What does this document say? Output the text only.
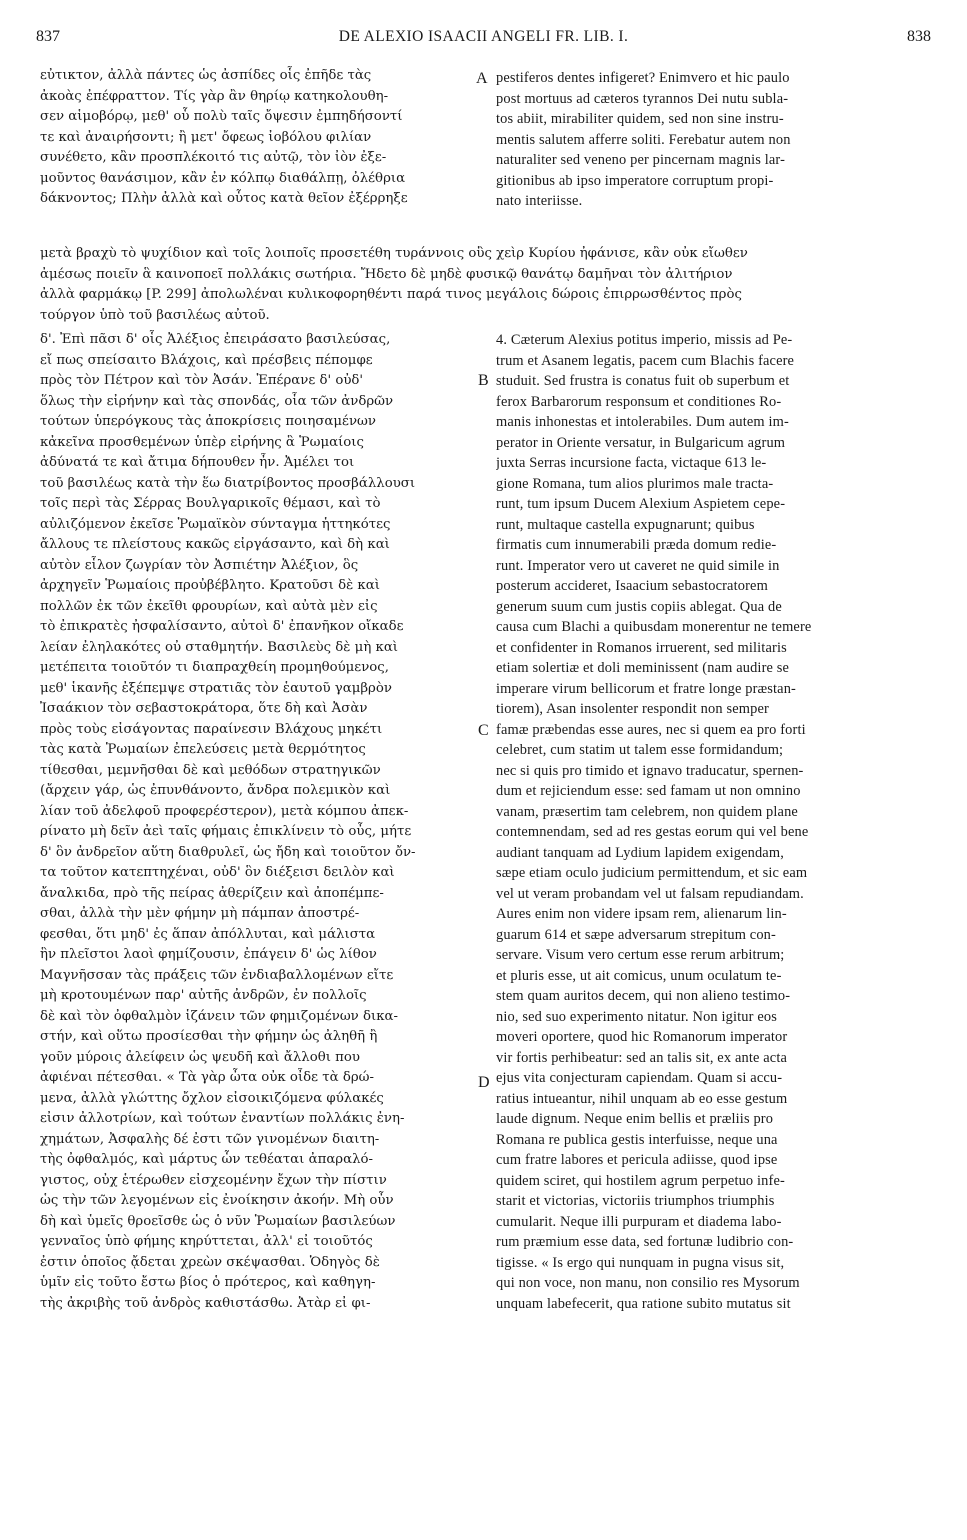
837	DE ALEXIO ISAACII ANGELI FR. LIB. I.	838
A
B
C
D
εὐτικτον, ἀλλὰ πάντες ὡς ἀσπίδες οἷς ἐπῆδε τὰς
ἀκοὰς ἐπέφραττον. Τίς γὰρ ἂν θηρίῳ κατηκολουθη-
σεν αἱμοβόρῳ, μεθ' οὗ πολὺ ταῖς ὄψεσιν ἐμπηδήσοντί
τε καὶ ἀναιρήσοντι; ἢ μετ' ὄφεως ἰοβόλου φιλίαν
συνέθετο, κἂν προσπλέκοιτό τις αὐτῷ, τὸν ἰὸν ἐξε-
μοῦντος θανάσιμον, κἂν ἐν κόλπῳ διαθάλπῃ, ὀλέθρια
δάκνοντος; Πλὴν ἀλλὰ καὶ οὗτος κατὰ θεῖον ἐξέρρηξε
pestiferos dentes infigeret? Enimvero et hic paulo
post mortuus ad cæteros tyrannos Dei nutu subla-
tos abiit, mirabiliter quidem, sed non sine instru-
mentis salutem afferre soliti. Ferebatur autem non
naturaliter sed veneno per pincernam magnis lar-
gitionibus ab ipso imperatore corruptum propi-
nato interiisse.
μετὰ βραχὺ τὸ ψυχίδιον καὶ τοῖς λοιποῖς προσετέθη τυράννοις οὓς χεὶρ Κυρίου ἠφάνισε, κἂν οὐκ εἴωθεν
ἀμέσως ποιεῖν ἃ καινοποεῖ πολλάκις σωτήρια. Ἤδετο δὲ μηδὲ φυσικῷ θανάτῳ δαμῆναι τὸν ἀλιτήριον
ἀλλὰ φαρμάκῳ [P. 299] ἀπολωλέναι κυλικοφορηθέντι παρά τινος μεγάλοις δώροις ἐπιρρωσθέντος πρὸς
τούργον ὑπὸ τοῦ βασιλέως αὐτοῦ.
δ'. Ἐπὶ πᾶσι δ' οἷς Ἀλέξιος ἐπειράσατο βασιλεύσας,
εἴ πως σπείσαιτο Βλάχοις, καὶ πρέσβεις πέπομφε
πρὸς τὸν Πέτρον καὶ τὸν Ἀσάν. Ἐπέρανε δ' οὐδ'
ὅλως τὴν εἰρήνην καὶ τὰς σπονδάς, οἷα τῶν ἀνδρῶν
τούτων ὑπερόγκους τὰς ἀποκρίσεις ποιησαμένων
κἀκεῖνα προσθεμένων ὑπὲρ εἰρήνης ἃ Ῥωμαίοις
ἀδύνατά τε καὶ ἄτιμα δήπουθεν ἦν. Ἀμέλει τοι
τοῦ βασιλέως κατὰ τὴν ἕω διατρίβοντος προσβάλλουσι
τοῖς περὶ τὰς Σέρρας Βουλγαρικοῖς θέμασι, καὶ τὸ
αὐλιζόμενον ἐκεῖσε Ῥωμαϊκὸν σύνταγμα ἡττηκότες
ἄλλους τε πλείστους κακῶς εἰργάσαντο, καὶ δὴ καὶ
αὐτὸν εἷλον ζωγρίαν τὸν Ἀσπιέτην Ἀλέξιον, ὃς
ἀρχηγεῖν Ῥωμαίοις προὐβέβλητο. Κρατοῦσι δὲ καὶ
πολλῶν ἐκ τῶν ἐκεῖθι φρουρίων, καὶ αὐτὰ μὲν εἰς
τὸ ἐπικρατὲς ἠσφαλίσαντο, αὐτοὶ δ' ἐπανῆκον οἴκαδε
λείαν ἐληλακότες οὐ σταθμητήν. Βασιλεὺς δὲ μὴ καὶ
μετέπειτα τοιοῦτόν τι διαπραχθείη προμηθούμενος,
μεθ' ἱκανῆς ἐξέπεμψε στρατιᾶς τὸν ἑαυτοῦ γαμβρὸν
Ἰσαάκιον τὸν σεβαστοκράτορα, ὅτε δὴ καὶ Ἀσὰν
πρὸς τοὺς εἰσάγοντας παραίνεσιν Βλάχους μηκέτι
τὰς κατὰ Ῥωμαίων ἐπελεύσεις μετὰ θερμότητος
τίθεσθαι, μεμνῆσθαι δὲ καὶ μεθόδων στρατηγικῶν
(ἄρχειν γάρ, ὡς ἐπυνθάνοντο, ἄνδρα πολεμικὸν καὶ
λίαν τοῦ ἀδελφοῦ προφερέστερον), μετὰ κόμπου ἀπεκ-
ρίνατο μὴ δεῖν ἀεὶ ταῖς φήμαις ἐπικλίνειν τὸ οὖς, μήτε
δ' ὃν ἀνδρεῖον αὕτη διαθρυλεῖ, ὡς ἤδη καὶ τοιοῦτον ὄν-
τα τοῦτον κατεπτηχέναι, οὐδ' ὃν διέξεισι δειλὸν καὶ
ἄναλκιδα, πρὸ τῆς πείρας ἀθερίζειν καὶ ἀποπέμπε-
σθαι, ἀλλὰ τὴν μὲν φήμην μὴ πάμπαν ἀποστρέ-
φεσθαι, ὅτι μηδ' ἐς ἅπαν ἀπόλλυται, καὶ μάλιστα
ἣν πλεῖστοι λαοὶ φημίζουσιν, ἐπάγειν δ' ὡς λίθον
Μαγνῆσσαν τὰς πράξεις τῶν ἐνδιαβαλλομένων εἴτε
μὴ κροτουμένων παρ' αὐτῆς ἀνδρῶν, ἐν πολλοῖς
δὲ καὶ τὸν ὀφθαλμὸν ἱζάνειν τῶν φημιζομένων δικα-
στήν, καὶ οὕτω προσίεσθαι τὴν φήμην ὡς ἀληθῆ ἢ
γοῦν μύροις ἀλείφειν ὡς ψευδῆ καὶ ἄλλοθι που
ἀφιέναι πέτεσθαι. « Τὰ γὰρ ὦτα οὐκ οἶδε τὰ δρώ-
μενα, ἀλλὰ γλώττης ὄχλον εἰσοικιζόμενα φύλακές
εἰσιν ἀλλοτρίων, καὶ τούτων ἐναντίων πολλάκις ἐνη-
χημάτων, Ἀσφαλὴς δέ ἐστι τῶν γινομένων διαιτη-
τὴς ὀφθαλμός, καὶ μάρτυς ὧν τεθέαται ἀπαραλό-
γιστος, οὐχ ἑτέρωθεν εἰσχεομένην ἔχων τὴν πίστιν
ὡς τὴν τῶν λεγομένων εἰς ἐνοίκησιν ἀκοήν. Μὴ οὖν
δὴ καὶ ὑμεῖς θροεῖσθε ὡς ὁ νῦν Ῥωμαίων βασιλεύων
γενναῖος ὑπὸ φήμης κηρύττεται, ἀλλ' εἰ τοιοῦτός
ἐστιν ὁποῖος ᾄδεται χρεὼν σκέψασθαι. Ὁδηγὸς δὲ
ὑμῖν εἰς τοῦτο ἔστω βίος ὁ πρότερος, καὶ καθηγη-
τὴς ἀκριβὴς τοῦ ἀνδρὸς καθιστάσθω. Ἀτὰρ εἰ φι-
4. Cæterum Alexius potitus imperio, missis ad Pe-
trum et Asanem legatis, pacem cum Blachis facere
studuit. Sed frustra is conatus fuit ob superbum et
ferox Barbarorum responsum et conditiones Ro-
manis inhonestas et intolerabiles. Dum autem im-
perator in Oriente versatur, in Bulgaricum agrum
juxta Serras incursione facta, victaque 613 le-
gione Romana, tum alios plurimos male tracta-
runt, tum ipsum Ducem Alexium Aspietem cepe-
runt, multaque castella expugnarunt; quibus
firmatis cum innumerabili præda domum redie-
runt. Imperator vero ut caveret ne quid simile in
posterum accideret, Isaacium sebastocratorem
generum suum cum justis copiis ablegat. Qua de
causa cum Blachi a quibusdam monerentur ne temere
et confidenter in Romanos irruerent, sed militaris
etiam solertiæ et doli meminissent (nam audire se
imperare virum bellicorum et fratre longe præstan-
tiorem), Asan insolenter respondit non semper
famæ præbendas esse aures, nec si quem ea pro forti
celebret, cum statim ut talem esse formidandum;
nec si quis pro timido et ignavo traducatur, spernen-
dum et rejiciendum esse: sed famam ut non omnino
vanam, præsertim tam celebrem, non quidem plane
contemnendam, sed ad res gestas eorum qui vel bene
audiant tanquam ad Lydium lapidem exigendam,
sæpe etiam oculo judicium permittendum, et sic eam
vel ut veram probandam vel ut falsam repudiandam.
Aures enim non videre ipsam rem, alienarum lin-
guarum 614 et sæpe adversarum strepitum con-
servare. Visum vero certum esse rerum arbitrum;
et pluris esse, ut ait comicus, unum oculatum te-
stem quam auritos decem, qui non alieno testimo-
nio, sed suo experimento nitatur. Non igitur eos
moveri oportere, quod hic Romanorum imperator
vir fortis perhibeatur: sed an talis sit, ex ante acta
ejus vita conjecturam capiendam. Quam si accu-
ratius intueantur, nihil unquam ab eo esse gestum
laude dignum. Neque enim bellis et præliis pro
Romana re publica gestis interfuisse, neque una
cum fratre labores et pericula adiisse, quod ipse
quidem sciret, qui hostilem agrum perpetuo infe-
starit et victorias, victoriis triumphos triumphis
cumularit. Neque illi purpuram et diadema labo-
rum præmium esse data, sed fortunæ ludibrio con-
tigisse. « Is ergo qui nunquam in pugna visus sit,
qui non voce, non manu, non consilio res Mysorum
unquam labefecerit, qua ratione subito mutatus sit
